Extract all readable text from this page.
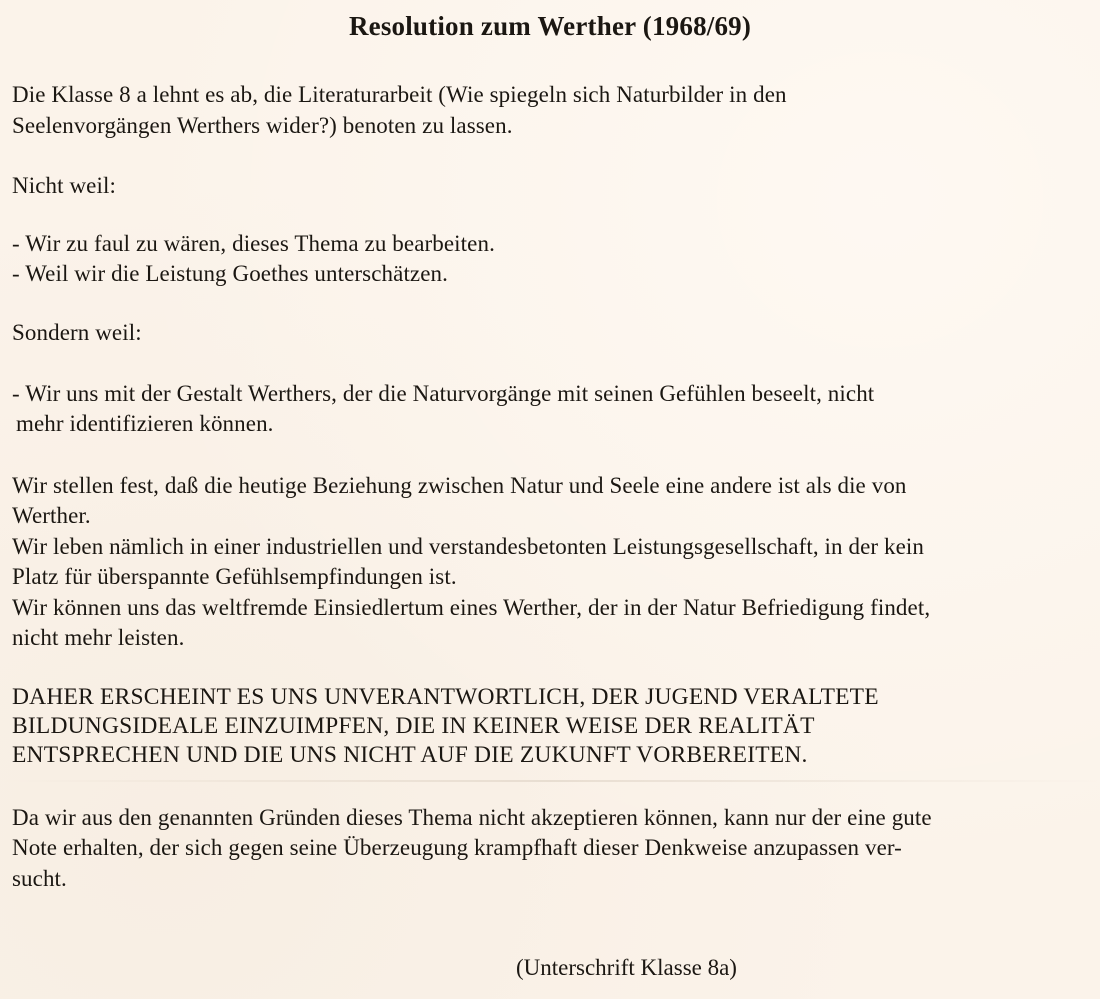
Resolution zum Werther (1968/69)
Die Klasse 8 a lehnt es ab, die Literaturarbeit (Wie spiegeln sich Naturbilder in den
Seelenvorgängen Werthers wider?) benoten zu lassen.
Nicht weil:
- Wir zu faul zu wären, dieses Thema zu bearbeiten.
- Weil wir die Leistung Goethes unterschätzen.
Sondern weil:
- Wir uns mit der Gestalt Werthers, der die Naturvorgänge mit seinen Gefühlen beseelt, nicht
mehr identifizieren können.
Wir stellen fest, daß die heutige Beziehung zwischen Natur und Seele eine andere ist als die von
Werther.
Wir leben nämlich in einer industriellen und verstandesbetonten Leistungsgesellschaft, in der kein
Platz für überspannte Gefühlsempfindungen ist.
Wir können uns das weltfremde Einsiedlertum eines Werther, der in der Natur Befriedigung findet,
nicht mehr leisten.
DAHER ERSCHEINT ES UNS UNVERANTWORTLICH, DER JUGEND VERALTETE
BILDUNGSIDEALE EINZUIMPFEN, DIE IN KEINER WEISE DER REALITÄT
ENTSPRECHEN UND DIE UNS NICHT AUF DIE ZUKUNFT VORBEREITEN.
Da wir aus den genannten Gründen dieses Thema nicht akzeptieren können, kann nur der eine gute
Note erhalten, der sich gegen seine Überzeugung krampfhaft dieser Denkweise anzupassen ver-
sucht.
(Unterschrift Klasse 8a)
